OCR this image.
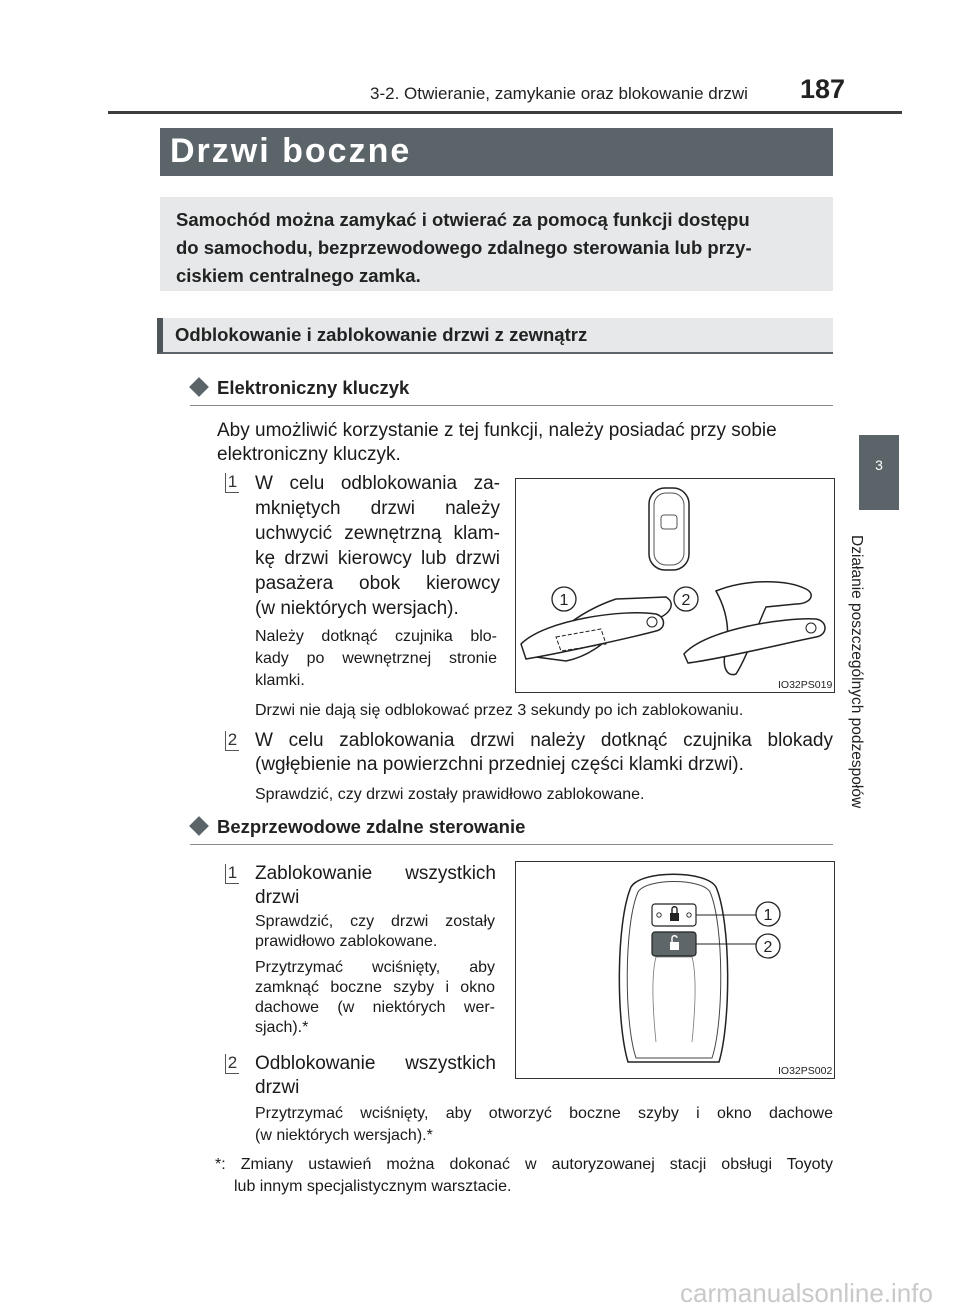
3-2. Otwieranie, zamykanie oraz blokowanie drzwi 187
Drzwi boczne
Samochód można zamykać i otwierać za pomocą funkcji dostępu
do samochodu, bezprzewodowego zdalnego sterowania lub przy-
ciskiem centralnego zamka.
Odblokowanie i zablokowanie drzwi z zewnątrz
Elektroniczny kluczyk
Aby umożliwić korzystanie z tej funkcji, należy posiadać przy sobie
elektroniczny kluczyk.
1 W celu odblokowania za-
mkniętych drzwi należy
uchwycić zewnętrzną klam-
kę drzwi kierowcy lub drzwi
pasażera obok kierowcy
(w niektórych wersjach).
Należy dotknąć czujnika blo-
kady po wewnętrznej stronie
klamki.
Drzwi nie dają się odblokować przez 3 sekundy po ich zablokowaniu.
1	2
IO32PS019
2 W celu zablokowania drzwi należy dotknąć czujnika blokady
(wgłębienie na powierzchni przedniej części klamki drzwi).
Sprawdzić, czy drzwi zostały prawidłowo zablokowane.
Bezprzewodowe zdalne sterowanie
1 Zablokowanie wszystkich
drzwi
Sprawdzić, czy drzwi zostały
prawidłowo zablokowane.
Przytrzymać wciśnięty, aby
zamknąć boczne szyby i okno
dachowe (w niektórych wer-
sjach).*
2 Odblokowanie wszystkich
drzwi
Przytrzymać wciśnięty, aby otworzyć boczne szyby i okno dachowe
(w niektórych wersjach).*
1
2
IO32PS002
*: Zmiany ustawień można dokonać w autoryzowanej stacji obsługi Toyoty
lub innym specjalistycznym warsztacie.
3
Działanie poszczególnych podzespołów
carmanualsonline.info
